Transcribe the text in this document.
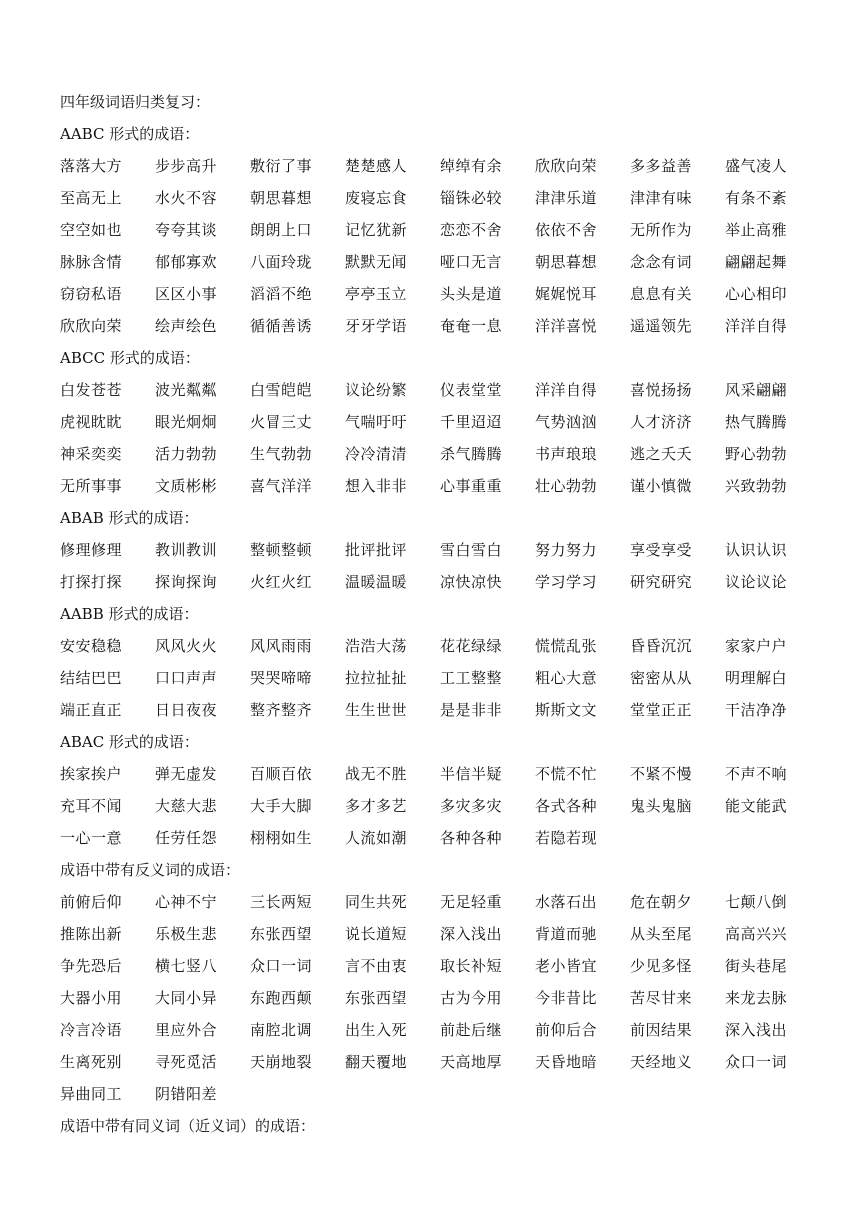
四年级词语归类复习：
AABC 形式的成语：
落落大方	步步高升	敷衍了事	楚楚感人	绰绰有余	欣欣向荣	多多益善	盛气凌人
至高无上	水火不容	朝思暮想	废寝忘食	锱铢必较	津津乐道	津津有味	有条不紊
空空如也	夸夸其谈	朗朗上口	记忆犹新	恋恋不舍	依依不舍	无所作为	举止高雅
脉脉含情	郁郁寡欢	八面玲珑	默默无闻	哑口无言	朝思暮想	念念有词	翩翩起舞
窃窃私语	区区小事	滔滔不绝	亭亭玉立	头头是道	娓娓悦耳	息息有关	心心相印
欣欣向荣	绘声绘色	循循善诱	牙牙学语	奄奄一息	洋洋喜悦	遥遥领先	洋洋自得
ABCC 形式的成语：
白发苍苍	波光粼粼	白雪皑皑	议论纷繁	仪表堂堂	洋洋自得	喜悦扬扬	风采翩翩
虎视眈眈	眼光炯炯	火冒三丈	气喘吁吁	千里迢迢	气势汹汹	人才济济	热气腾腾
神采奕奕	活力勃勃	生气勃勃	冷冷清清	杀气腾腾	书声琅琅	逃之夭夭	野心勃勃
无所事事	文质彬彬	喜气洋洋	想入非非	心事重重	壮心勃勃	谨小慎微	兴致勃勃
ABAB 形式的成语：
修理修理	教训教训	整顿整顿	批评批评	雪白雪白	努力努力	享受享受	认识认识
打探打探	探询探询	火红火红	温暖温暖	凉快凉快	学习学习	研究研究	议论议论
AABB 形式的成语：
安安稳稳	风风火火	风风雨雨	浩浩大荡	花花绿绿	慌慌乱张	昏昏沉沉	家家户户
结结巴巴	口口声声	哭哭啼啼	拉拉扯扯	工工整整	粗心大意	密密从从	明理解白
端正直正	日日夜夜	整齐整齐	生生世世	是是非非	斯斯文文	堂堂正正	干洁净净
ABAC 形式的成语：
挨家挨户	弹无虚发	百顺百依	战无不胜	半信半疑	不慌不忙	不紧不慢	不声不响
充耳不闻	大慈大悲	大手大脚	多才多艺	多灾多灾	各式各种	鬼头鬼脑	能文能武
一心一意	任劳任怨	栩栩如生	人流如潮	各种各种	若隐若现
成语中带有反义词的成语：
前俯后仰	心神不宁	三长两短	同生共死	无足轻重	水落石出	危在朝夕	七颠八倒
推陈出新	乐极生悲	东张西望	说长道短	深入浅出	背道而驰	从头至尾	高高兴兴
争先恐后	横七竖八	众口一词	言不由衷	取长补短	老小皆宜	少见多怪	街头巷尾
大器小用	大同小异	东跑西颠	东张西望	古为今用	今非昔比	苦尽甘来	来龙去脉
冷言冷语	里应外合	南腔北调	出生入死	前赴后继	前仰后合	前因结果	深入浅出
生离死别	寻死觅活	天崩地裂	翻天覆地	天高地厚	天昏地暗	天经地义	众口一词
异曲同工	阴错阳差
成语中带有同义词（近义词）的成语：
